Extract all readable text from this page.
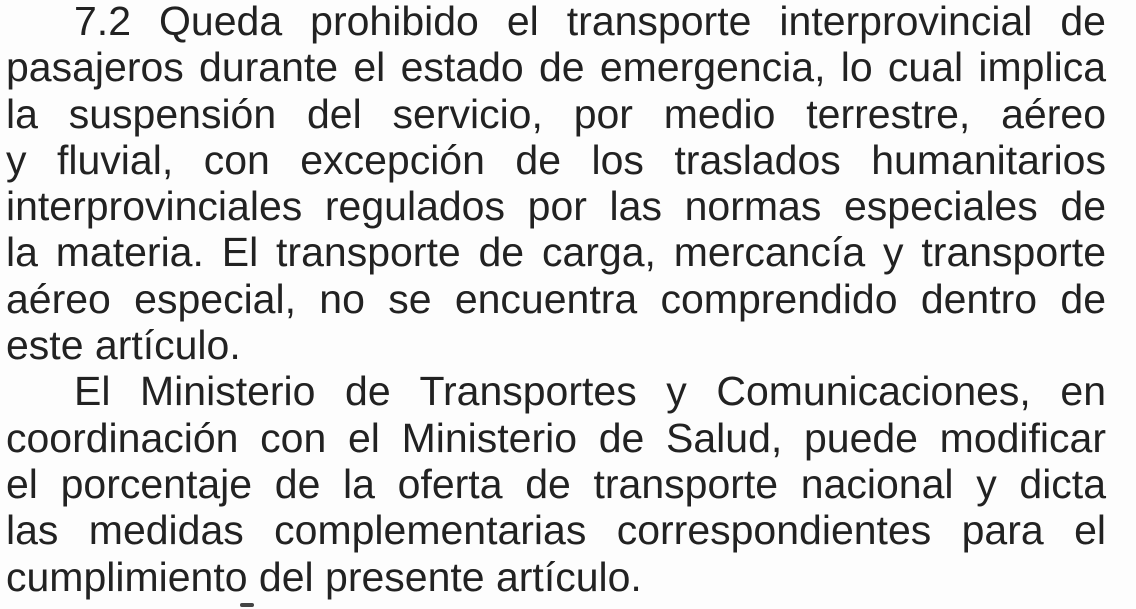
7.2 Queda prohibido el transporte interprovincial de
pasajeros durante el estado de emergencia, lo cual implica
la suspensión del servicio, por medio terrestre, aéreo
y fluvial, con excepción de los traslados humanitarios
interprovinciales regulados por las normas especiales de
la materia. El transporte de carga, mercancía y transporte
aéreo especial, no se encuentra comprendido dentro de
este artículo.
El Ministerio de Transportes y Comunicaciones, en
coordinación con el Ministerio de Salud, puede modificar
el porcentaje de la oferta de transporte nacional y dicta
las medidas complementarias correspondientes para el
cumplimiento del presente artículo.
